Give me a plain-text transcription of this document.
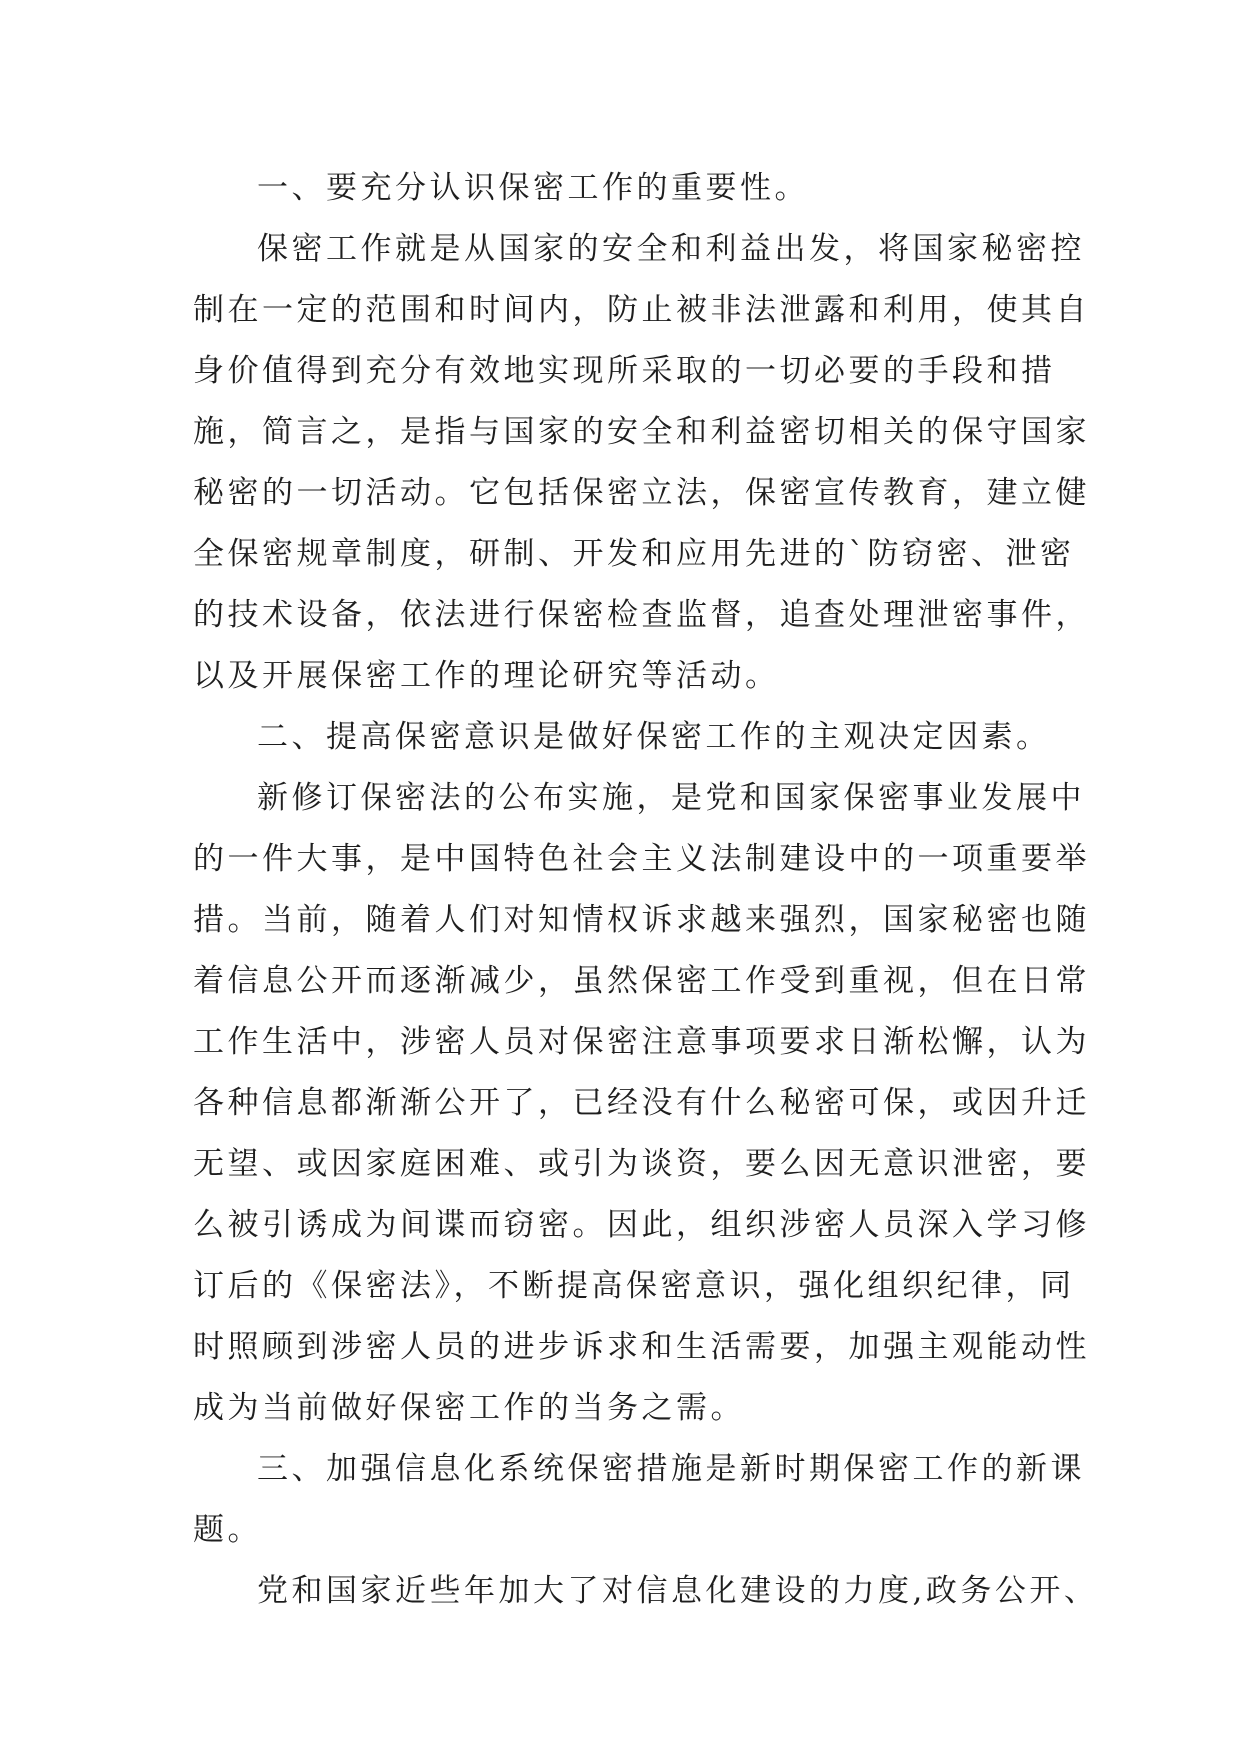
一、要充分认识保密工作的重要性。
保密工作就是从国家的安全和利益出发，将国家秘密控
制在一定的范围和时间内，防止被非法泄露和利用，使其自
身价值得到充分有效地实现所采取的一切必要的手段和措
施，简言之，是指与国家的安全和利益密切相关的保守国家
秘密的一切活动。它包括保密立法，保密宣传教育，建立健
全保密规章制度，研制、开发和应用先进的`防窃密、泄密
的技术设备，依法进行保密检查监督，追查处理泄密事件，
以及开展保密工作的理论研究等活动。
二、提高保密意识是做好保密工作的主观决定因素。
新修订保密法的公布实施，是党和国家保密事业发展中
的一件大事，是中国特色社会主义法制建设中的一项重要举
措。当前，随着人们对知情权诉求越来强烈，国家秘密也随
着信息公开而逐渐减少，虽然保密工作受到重视，但在日常
工作生活中，涉密人员对保密注意事项要求日渐松懈，认为
各种信息都渐渐公开了，已经没有什么秘密可保，或因升迁
无望、或因家庭困难、或引为谈资，要么因无意识泄密，要
么被引诱成为间谍而窃密。因此，组织涉密人员深入学习修
订后的《保密法》，不断提高保密意识，强化组织纪律，同
时照顾到涉密人员的进步诉求和生活需要，加强主观能动性
成为当前做好保密工作的当务之需。
三、加强信息化系统保密措施是新时期保密工作的新课
题。
党和国家近些年加大了对信息化建设的力度,政务公开、
